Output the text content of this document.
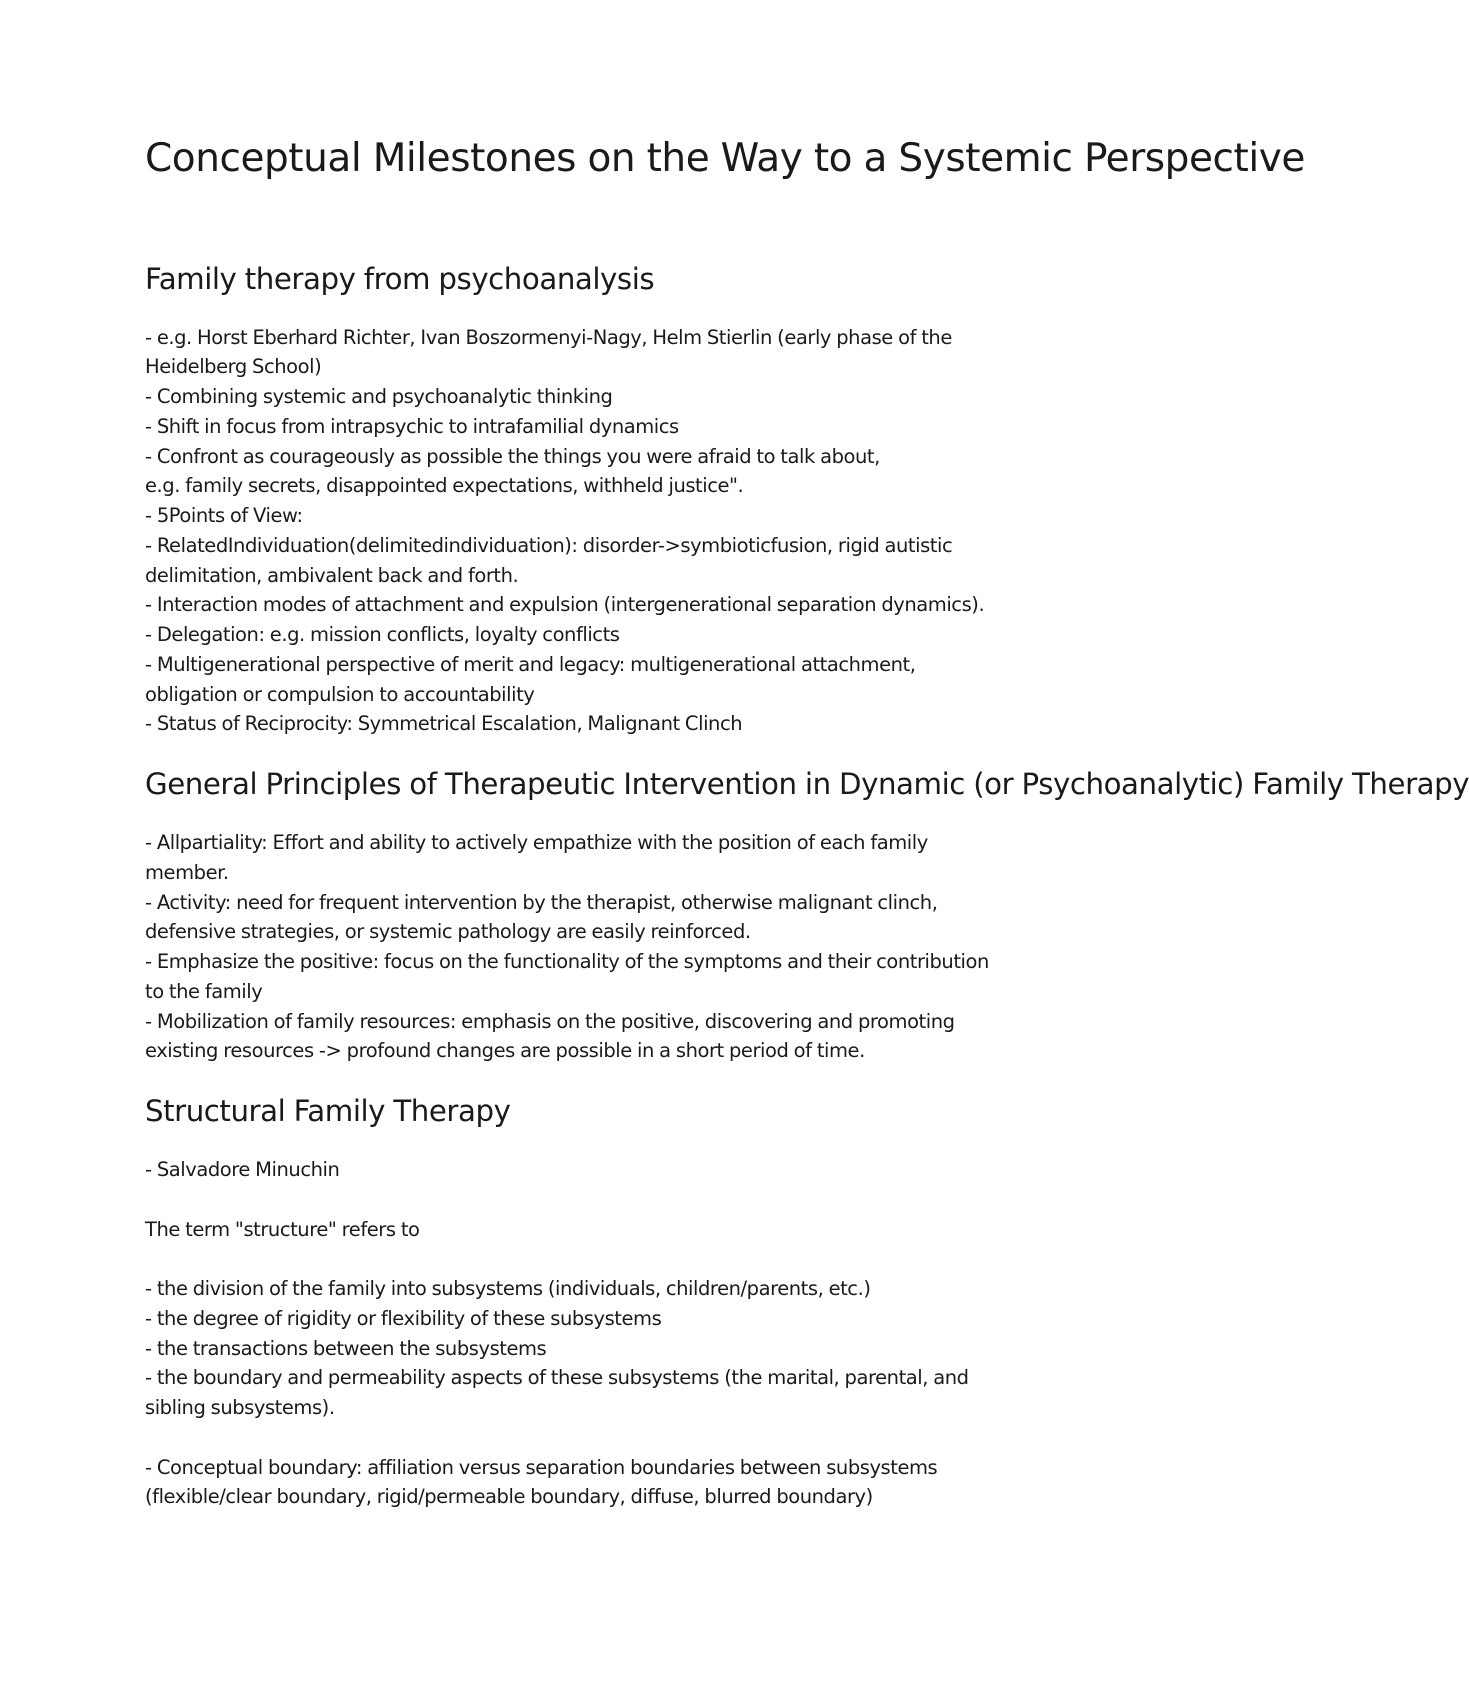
Conceptual Milestones on the Way to a Systemic Perspective
Family therapy from psychoanalysis

- e.g. Horst Eberhard Richter, Ivan Boszormenyi-Nagy, Helm Stierlin (early phase of the

Heidelberg School)

- Combining systemic and psychoanalytic thinking

- Shift in focus from intrapsychic to intrafamilial dynamics

- Confront as courageously as possible the things you were afraid to talk about,

e.g. family secrets, disappointed expectations, withheld justice".

- 5Points of View:

- RelatedIndividuation(delimitedindividuation): disorder->symbioticfusion, rigid autistic

delimitation, ambivalent back and forth.

- Interaction modes of attachment and expulsion (intergenerational separation dynamics).

- Delegation: e.g. mission conflicts, loyalty conflicts

- Multigenerational perspective of merit and legacy: multigenerational attachment,

obligation or compulsion to accountability

- Status of Reciprocity: Symmetrical Escalation, Malignant Clinch

General Principles of Therapeutic Intervention in Dynamic (or Psychoanalytic) Family Therapy

- Allpartiality: Effort and ability to actively empathize with the position of each family

member.

- Activity: need for frequent intervention by the therapist, otherwise malignant clinch,

defensive strategies, or systemic pathology are easily reinforced.

- Emphasize the positive: focus on the functionality of the symptoms and their contribution

to the family

- Mobilization of family resources: emphasis on the positive, discovering and promoting

existing resources -> profound changes are possible in a short period of time.

Structural Family Therapy

- Salvadore Minuchin

The term "structure" refers to

- the division of the family into subsystems (individuals, children/parents, etc.)

- the degree of rigidity or flexibility of these subsystems

- the transactions between the subsystems

- the boundary and permeability aspects of these subsystems (the marital, parental, and

sibling subsystems).

- Conceptual boundary: affiliation versus separation boundaries between subsystems

(flexible/clear boundary, rigid/permeable boundary, diffuse, blurred boundary)
